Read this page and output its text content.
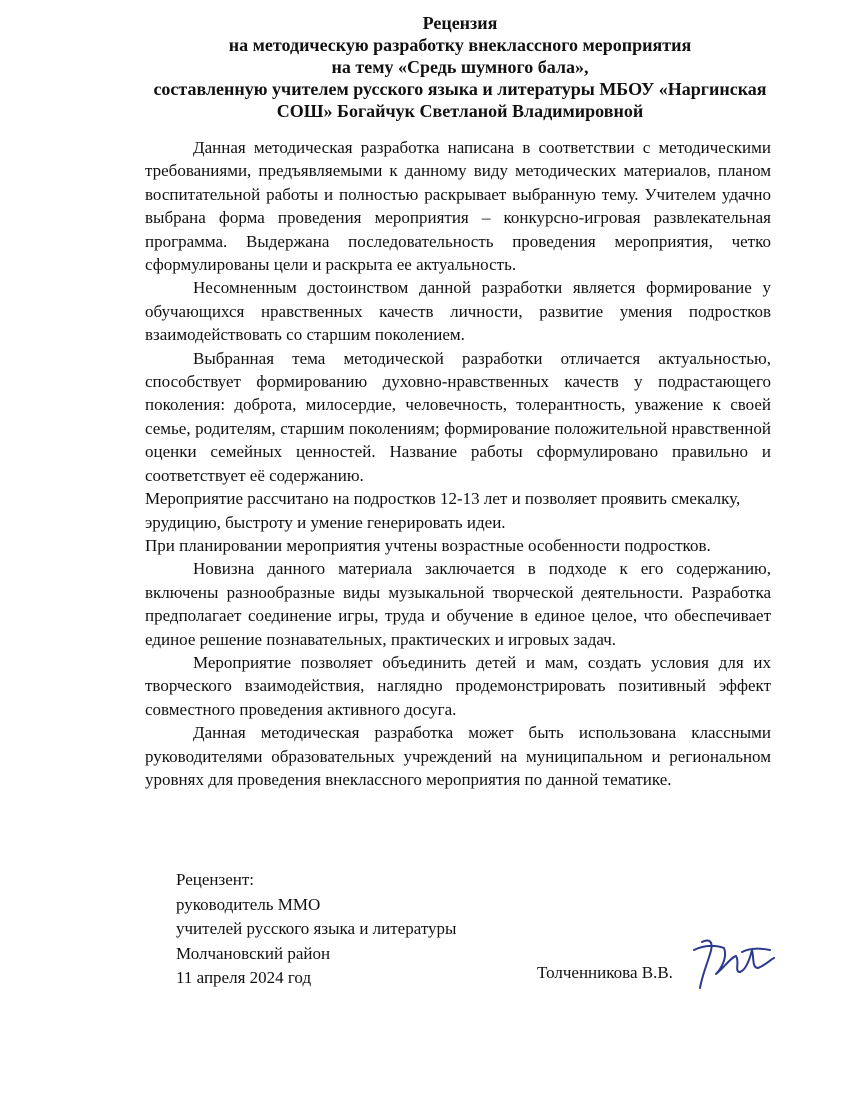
Рецензия
на методическую разработку внеклассного мероприятия
на тему «Средь шумного бала»,
составленную учителем русского языка и литературы МБОУ «Наргинская
СОШ» Богайчук Светланой Владимировной

Данная методическая разработка написана в соответствии с методическими требованиями, предъявляемыми к данному виду методических материалов, планом воспитательной работы и полностью раскрывает выбранную тему. Учителем удачно выбрана форма проведения мероприятия – конкурсно-игровая развлекательная программа. Выдержана последовательность проведения мероприятия, четко сформулированы цели и раскрыта ее актуальность.

Несомненным достоинством данной разработки является формирование у обучающихся нравственных качеств личности, развитие умения подростков взаимодействовать со старшим поколением.

Выбранная тема методической разработки отличается актуальностью, способствует формированию духовно-нравственных качеств у подрастающего поколения: доброта, милосердие, человечность, толерантность, уважение к своей семье, родителям, старшим поколениям; формирование положительной нравственной оценки семейных ценностей. Название работы сформулировано правильно и соответствует её содержанию.

Мероприятие рассчитано на подростков 12-13 лет и позволяет проявить смекалку, эрудицию, быстроту и умение генерировать идеи.

При планировании мероприятия учтены возрастные особенности подростков.

Новизна данного материала заключается в подходе к его содержанию, включены разнообразные виды музыкальной творческой деятельности. Разработка предполагает соединение игры, труда и обучение в единое целое, что обеспечивает единое решение познавательных, практических и игровых задач.

Мероприятие позволяет объединить детей и мам, создать условия для их творческого взаимодействия, наглядно продемонстрировать позитивный эффект совместного проведения активного досуга.

Данная методическая разработка может быть использована классными руководителями образовательных учреждений на муниципальном и региональном уровнях для проведения внеклассного мероприятия по данной тематике.

Рецензент:
руководитель ММО
учителей русского языка и литературы
Молчановский район
11 апреля 2024 год	Толченникова В.В.
